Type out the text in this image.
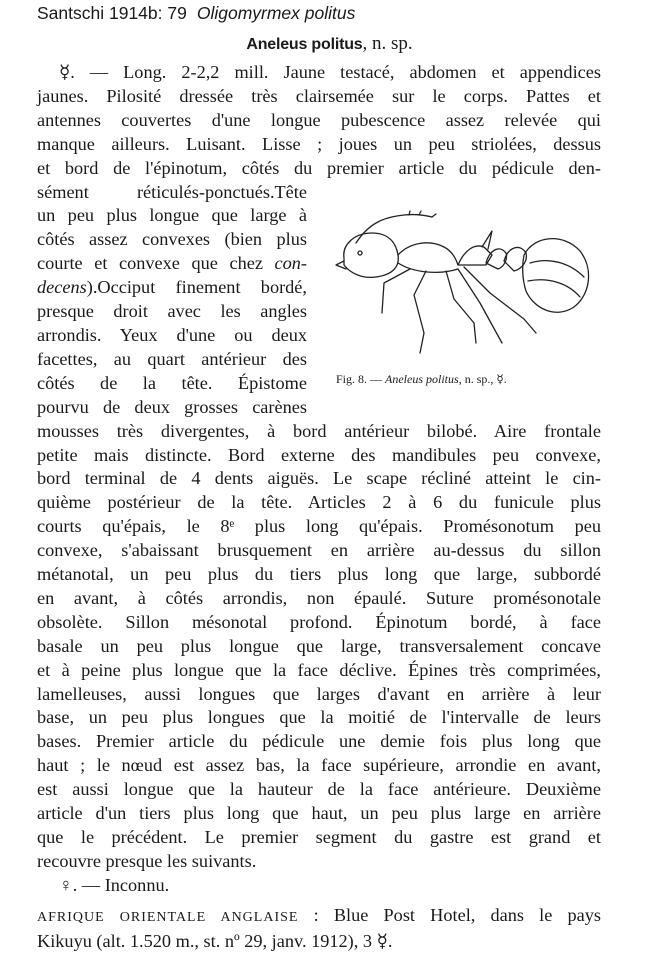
Santschi 1914b: 79 Oligomyrmex politus
Aneleus politus, n. sp.

☿. — Long. 2-2,2 mill. Jaune testacé, abdomen et appendices

jaunes. Pilosité dressée très clairsemée sur le corps. Pattes et

antennes couvertes d'une longue pubescence assez relevée qui

manque ailleurs. Luisant. Lisse ; joues un peu striolées, dessus

et bord de l'épinotum, côtés du premier article du pédicule den-

sément réticulés-ponctués.Tête

un peu plus longue que large à

côtés assez convexes (bien plus

courte et convexe que chez con-

decens).Occiput finement bordé,

presque droit avec les angles

arrondis. Yeux d'une ou deux

facettes, au quart antérieur des

côtés de la tête. Épistome

pourvu de deux grosses carènes

mousses très divergentes, à bord antérieur bilobé. Aire frontale

petite mais distincte. Bord externe des mandibules peu convexe,

bord terminal de 4 dents aiguës. Le scape récliné atteint le cin-

quième postérieur de la tête. Articles 2 à 6 du funicule plus

courts qu'épais, le 8ᵉ plus long qu'épais. Promésonotum peu

convexe, s'abaissant brusquement en arrière au-dessus du sillon

métanotal, un peu plus du tiers plus long que large, subbordé

en avant, à côtés arrondis, non épaulé. Suture promésonotale

obsolète. Sillon mésonotal profond. Épinotum bordé, à face

basale un peu plus longue que large, transversalement concave

et à peine plus longue que la face déclive. Épines très comprimées,

lamelleuses, aussi longues que larges d'avant en arrière à leur

base, un peu plus longues que la moitié de l'intervalle de leurs

bases. Premier article du pédicule une demie fois plus long que

haut ; le nœud est assez bas, la face supérieure, arrondie en avant,

est aussi longue que la hauteur de la face antérieure. Deuxième

article d'un tiers plus long que haut, un peu plus large en arrière

que le précédent. Le premier segment du gastre est grand et

recouvre presque les suivants.

♀. — Inconnu.

AFRIQUE ORIENTALE ANGLAISE : Blue Post Hotel, dans le pays

Kikuyu (alt. 1.520 m., st. nº 29, janv. 1912), 3 ☿.

Fig. 8. — Aneleus politus, n. sp., ☿.
